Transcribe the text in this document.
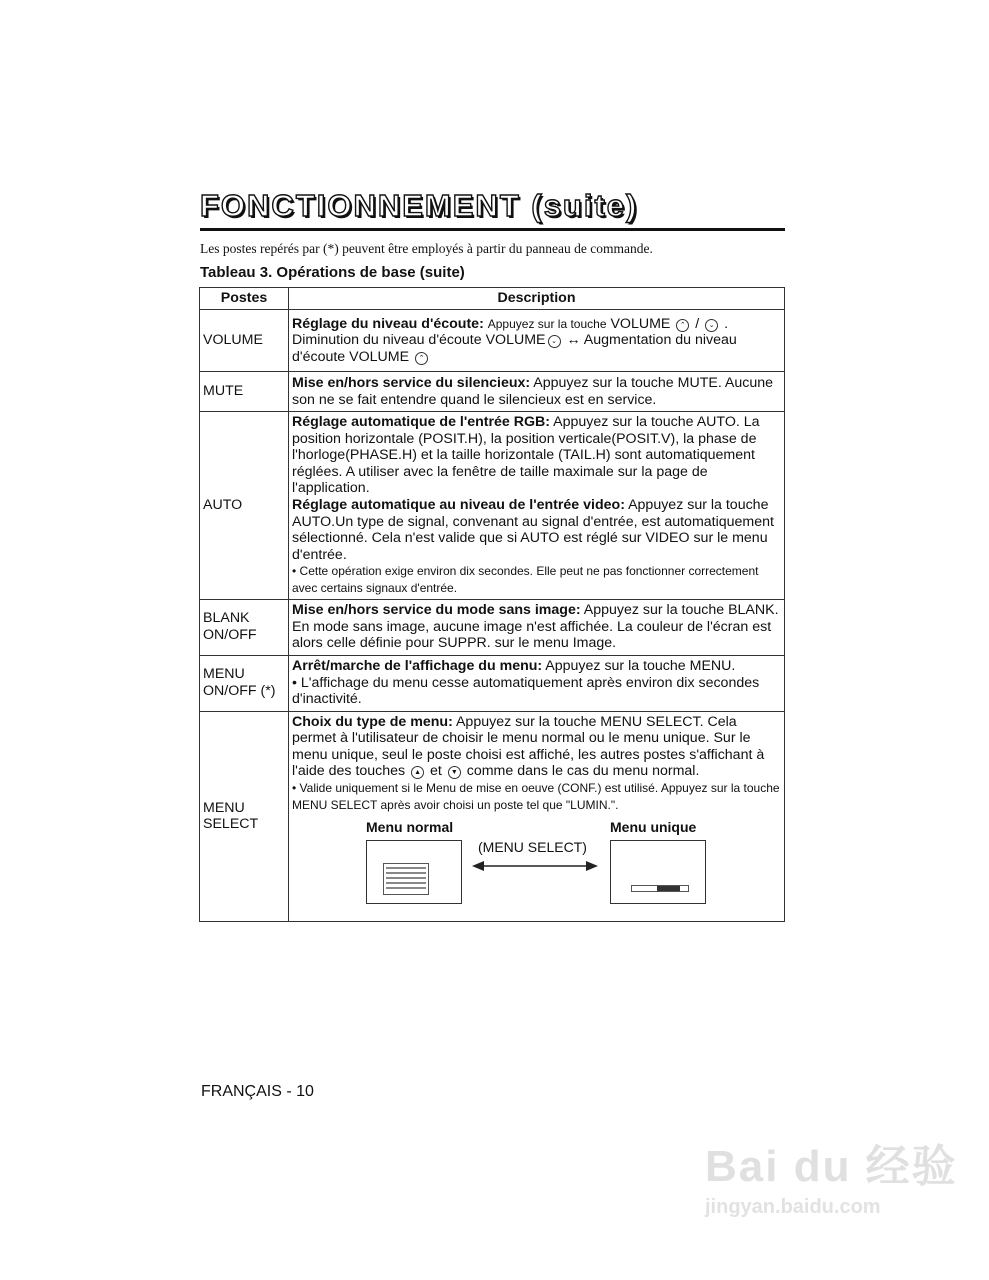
FONCTIONNEMENT (suite)
Les postes repérés par (*) peuvent être employés à partir du panneau de commande.
Tableau 3. Opérations de base (suite)
Postes	Description
VOLUME	Réglage du niveau d'écoute: Appuyez sur la touche VOLUME ⌃ / ⌄ .
Diminution du niveau d'écoute VOLUME ⌄ ↔ Augmentation du niveau d'écoute VOLUME ⌃
MUTE	Mise en/hors service du silencieux: Appuyez sur la touche MUTE. Aucune son ne se fait entendre quand le silencieux est en service.
AUTO	Réglage automatique de l'entrée RGB: Appuyez sur la touche AUTO. La position horizontale (POSIT.H), la position verticale(POSIT.V), la phase de l'horloge(PHASE.H) et la taille horizontale (TAIL.H) sont automatiquement réglées. A utiliser avec la fenêtre de taille maximale sur la page de l'application.
Réglage automatique au niveau de l'entrée video: Appuyez sur la touche AUTO.Un type de signal, convenant au signal d'entrée, est automatiquement sélectionné. Cela n'est valide que si AUTO est réglé sur VIDEO sur le menu d'entrée.
• Cette opération exige environ dix secondes. Elle peut ne pas fonctionner correctement avec certains signaux d'entrée.
BLANK ON/OFF	Mise en/hors service du mode sans image: Appuyez sur la touche BLANK. En mode sans image, aucune image n'est affichée. La couleur de l'écran est alors celle définie pour SUPPR. sur le menu Image.
MENU ON/OFF (*)	Arrêt/marche de l'affichage du menu: Appuyez sur la touche MENU.
• L'affichage du menu cesse automatiquement après environ dix secondes d'inactivité.
MENU SELECT	Choix du type de menu: Appuyez sur la touche MENU SELECT. Cela permet à l'utilisateur de choisir le menu normal ou le menu unique. Sur le menu unique, seul le poste choisi est affiché, les autres postes s'affichant à l'aide des touches ▲ et ▼ comme dans le cas du menu normal.
• Valide uniquement si le Menu de mise en oeuve (CONF.) est utilisé. Appuyez sur la touche MENU SELECT après avoir choisi un poste tel que "LUMIN.".
Menu normal Menu unique
(MENU SELECT)
FRANÇAIS - 10
Bai du 经验
jingyan.baidu.com
